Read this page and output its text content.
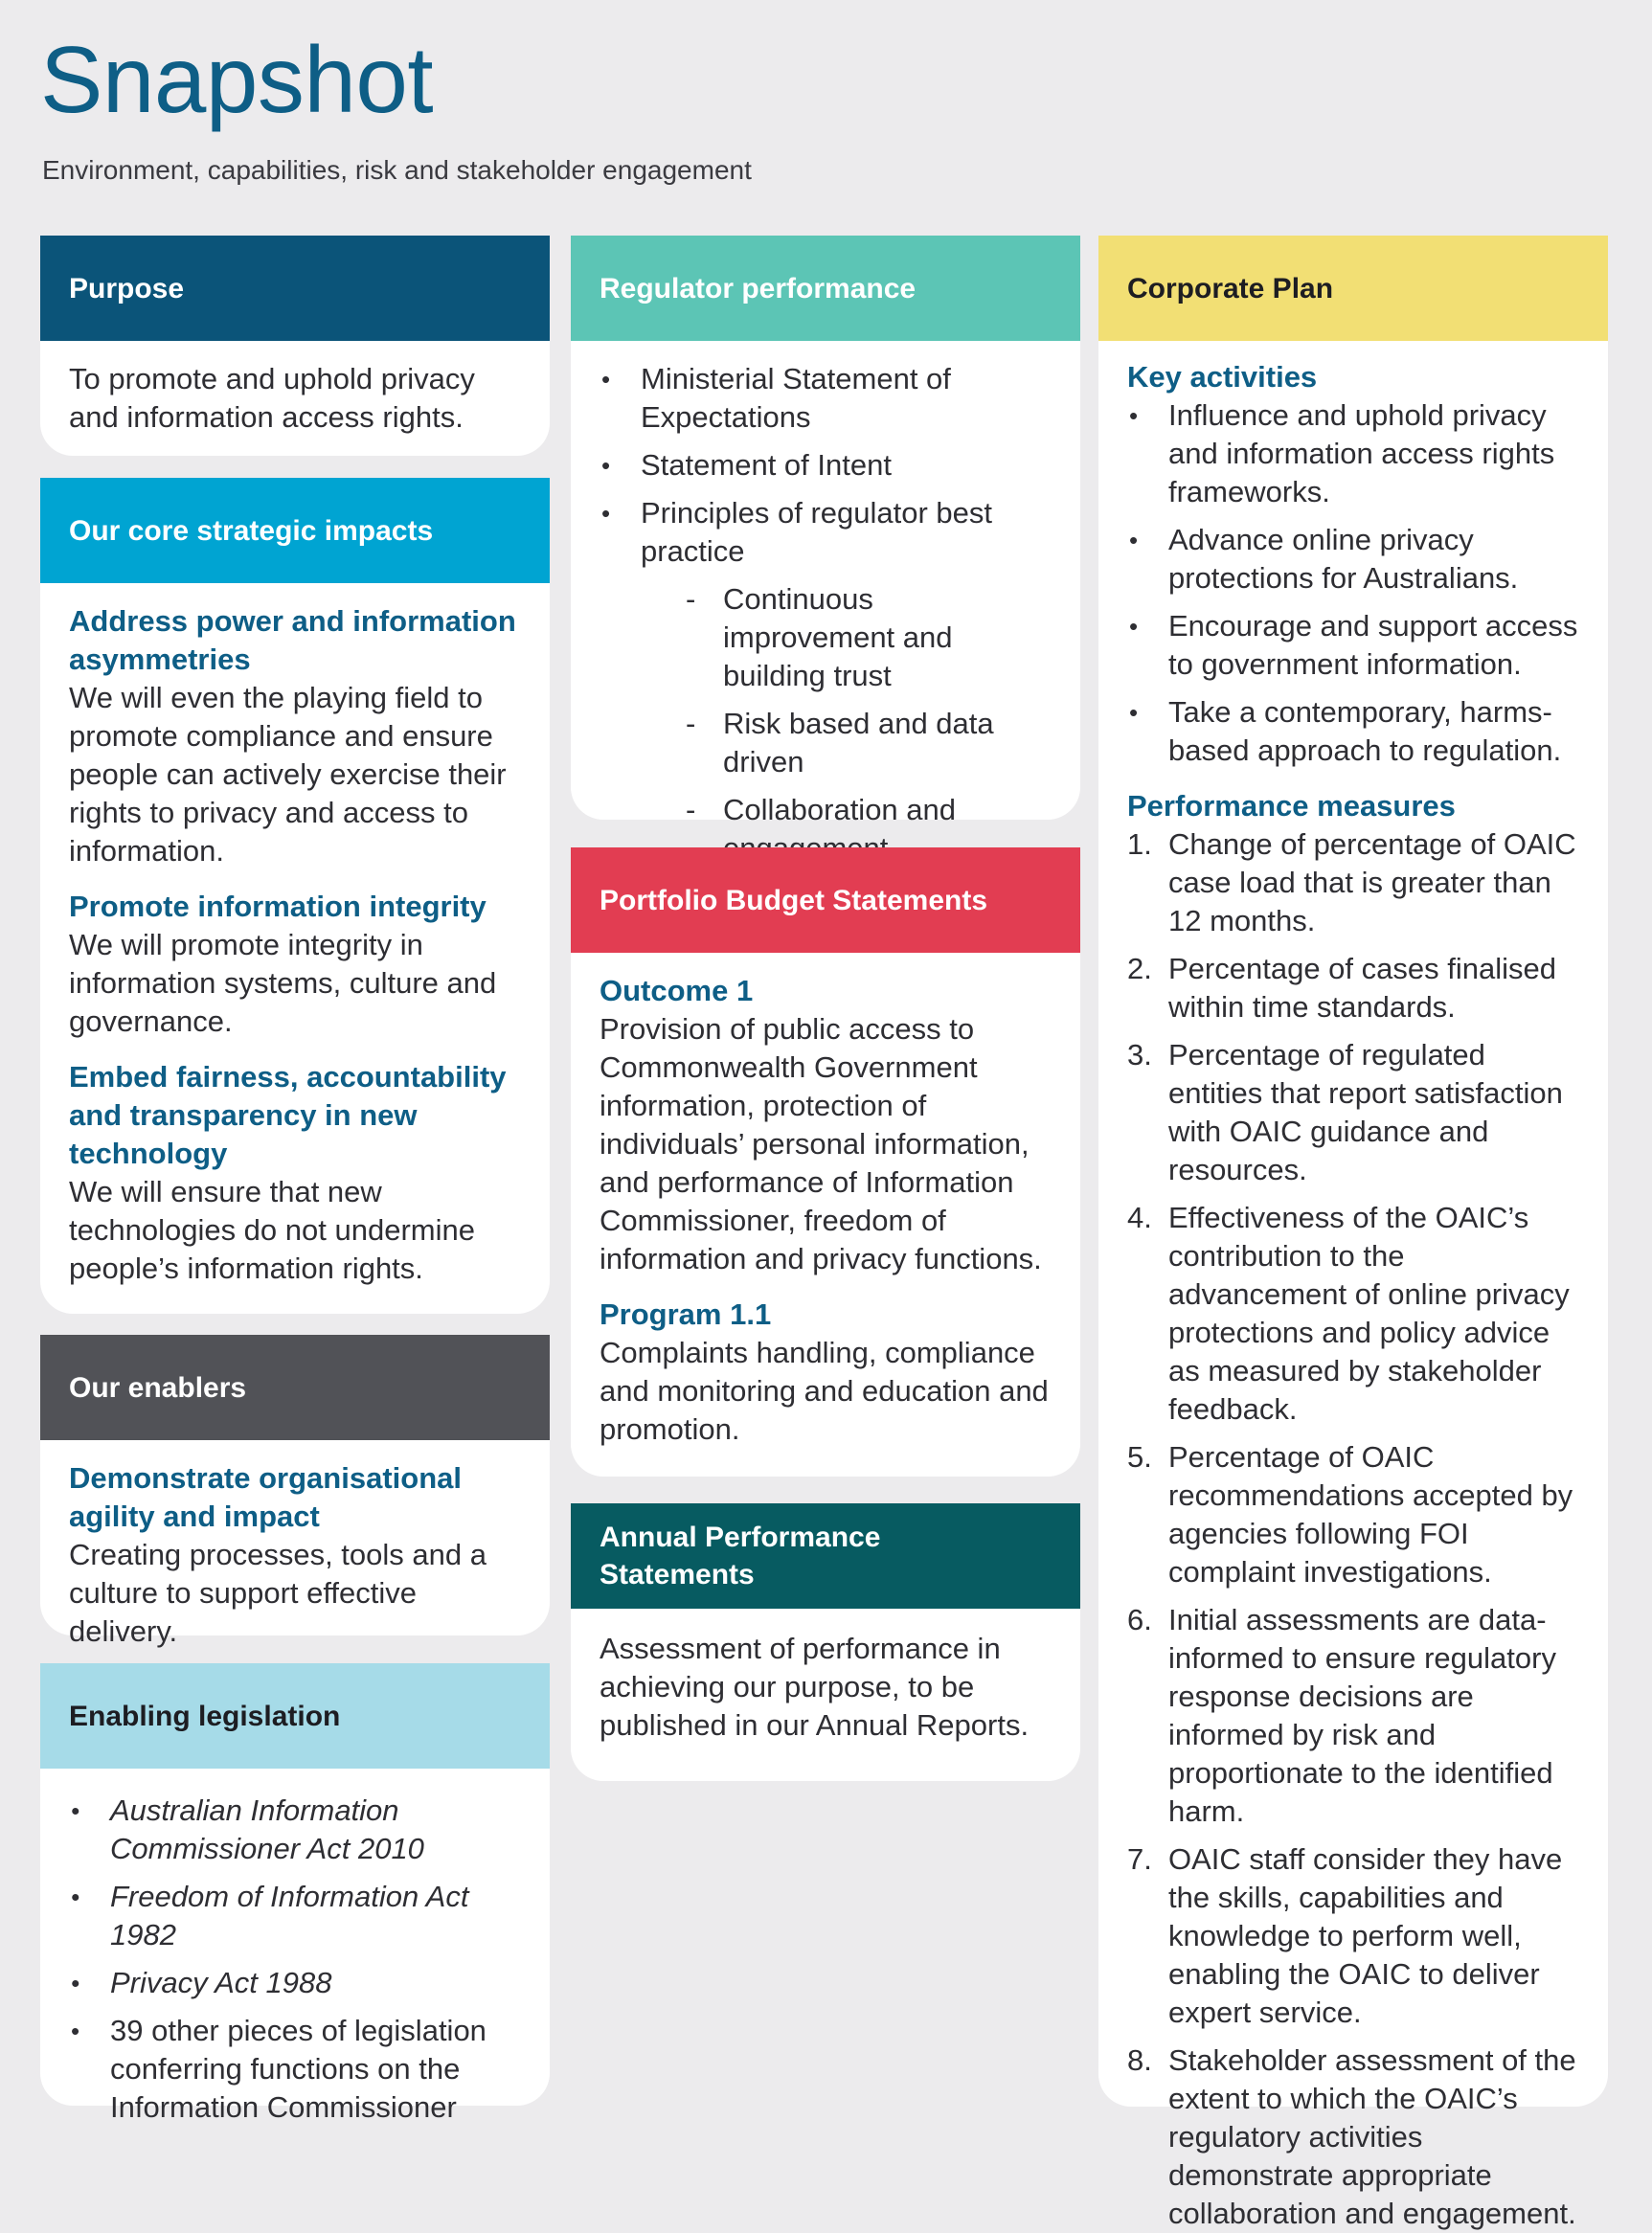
Snapshot
Environment, capabilities, risk and stakeholder engagement
Purpose

To promote and uphold privacy and information access rights.

Our core strategic impacts
Address power and information asymmetries

We will even the playing field to promote compliance and ensure people can actively exercise their rights to privacy and access to information.

Promote information integrity

We will promote integrity in information systems, culture and governance.

Embed fairness, accountability and transparency in new technology

We will ensure that new technologies do not undermine people’s information rights.

Our enablers
Demonstrate organisational agility and impact

Creating processes, tools and a culture to support effective delivery.

Enabling legislation
• Australian Information Commissioner Act 2010
• Freedom of Information Act 1982
• Privacy Act 1988
• 39 other pieces of legislation conferring functions on the Information Commissioner
Regulator performance
• Ministerial Statement of Expectations
• Statement of Intent
• Principles of regulator best practice
- Continuous improvement and building trust
- Risk based and data driven
- Collaboration and
Portfolio Budget Statements
Outcome 1

Provision of public access to Commonwealth Government information, protection of individuals’ personal information, and performance of Information Commissioner, freedom of information and privacy functions.

Program 1.1

Complaints handling, compliance and monitoring and education and promotion.

Annual Performance Statements

Assessment of performance in achieving our purpose, to be published in our Annual Reports.

Corporate Plan
Key activities
• Influence and uphold privacy and information access rights frameworks.
• Advance online privacy protections for Australians.
• Encourage and support access to government information.
• Take a contemporary, harms-based approach to regulation.
Performance measures
1. Change of percentage of OAIC case load that is greater than 12 months.
2. Percentage of cases finalised within time standards.
3. Percentage of regulated entities that report satisfaction with OAIC guidance and resources.
4. Effectiveness of the OAIC’s contribution to the advancement of online privacy protections and policy advice as measured by stakeholder feedback.
5. Percentage of OAIC recommendations accepted by agencies following FOI complaint investigations.
6. Initial assessments are data-informed to ensure regulatory response decisions are informed by risk and proportionate to the identified harm.
7. OAIC staff consider they have the skills, capabilities and knowledge to perform well, enabling the OAIC to deliver expert service.
8. Stakeholder assessment of the extent to which the OAIC’s regulatory activities demonstrate appropriate collaboration and engagement.
